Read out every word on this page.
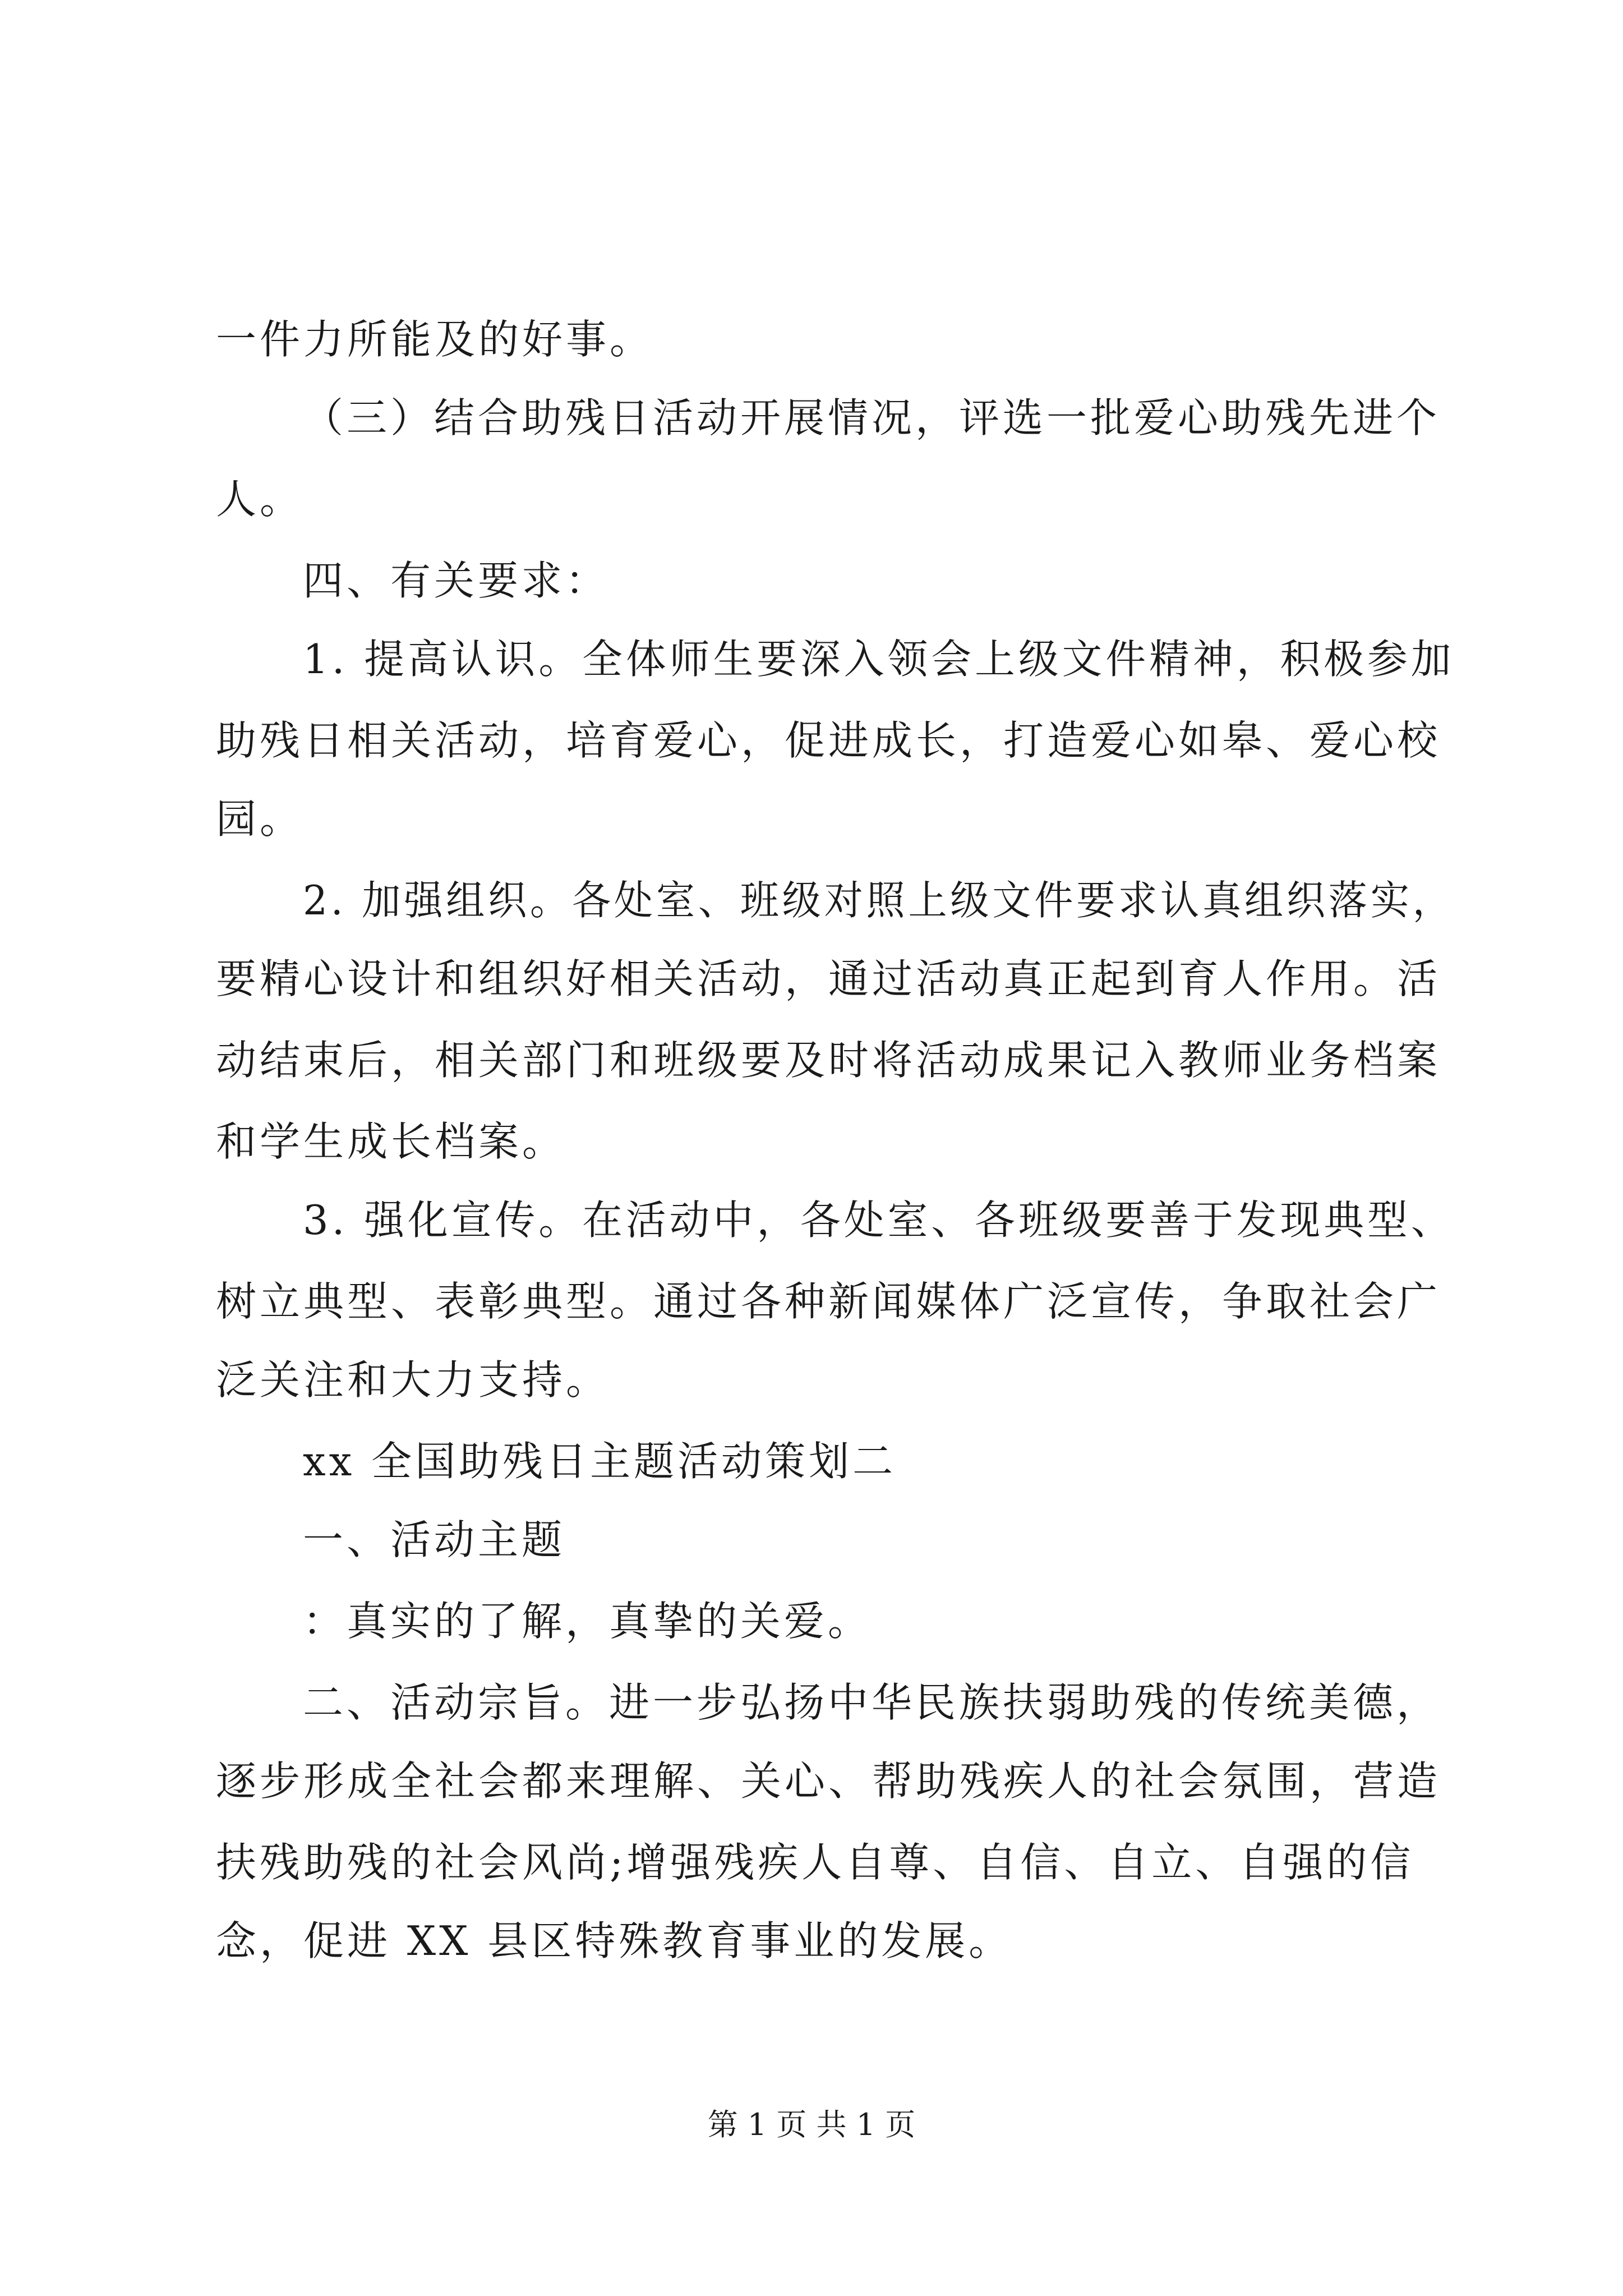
一件力所能及的好事。

（三）结合助残日活动开展情况，评选一批爱心助残先进个

人。

四、有关要求：

1. 提高认识。全体师生要深入领会上级文件精神，积极参加

助残日相关活动，培育爱心，促进成长，打造爱心如皋、爱心校

园。

2. 加强组织。各处室、班级对照上级文件要求认真组织落实，

要精心设计和组织好相关活动，通过活动真正起到育人作用。活

动结束后，相关部门和班级要及时将活动成果记入教师业务档案

和学生成长档案。

3. 强化宣传。在活动中，各处室、各班级要善于发现典型、

树立典型、表彰典型。通过各种新闻媒体广泛宣传，争取社会广

泛关注和大力支持。

xx 全国助残日主题活动策划二

一、活动主题

：真实的了解，真挚的关爱。

二、活动宗旨。进一步弘扬中华民族扶弱助残的传统美德，

逐步形成全社会都来理解、关心、帮助残疾人的社会氛围，营造

扶残助残的社会风尚;增强残疾人自尊、自信、自立、自强的信

念，促进 XX 县区特殊教育事业的发展。

第 1 页 共 1 页
